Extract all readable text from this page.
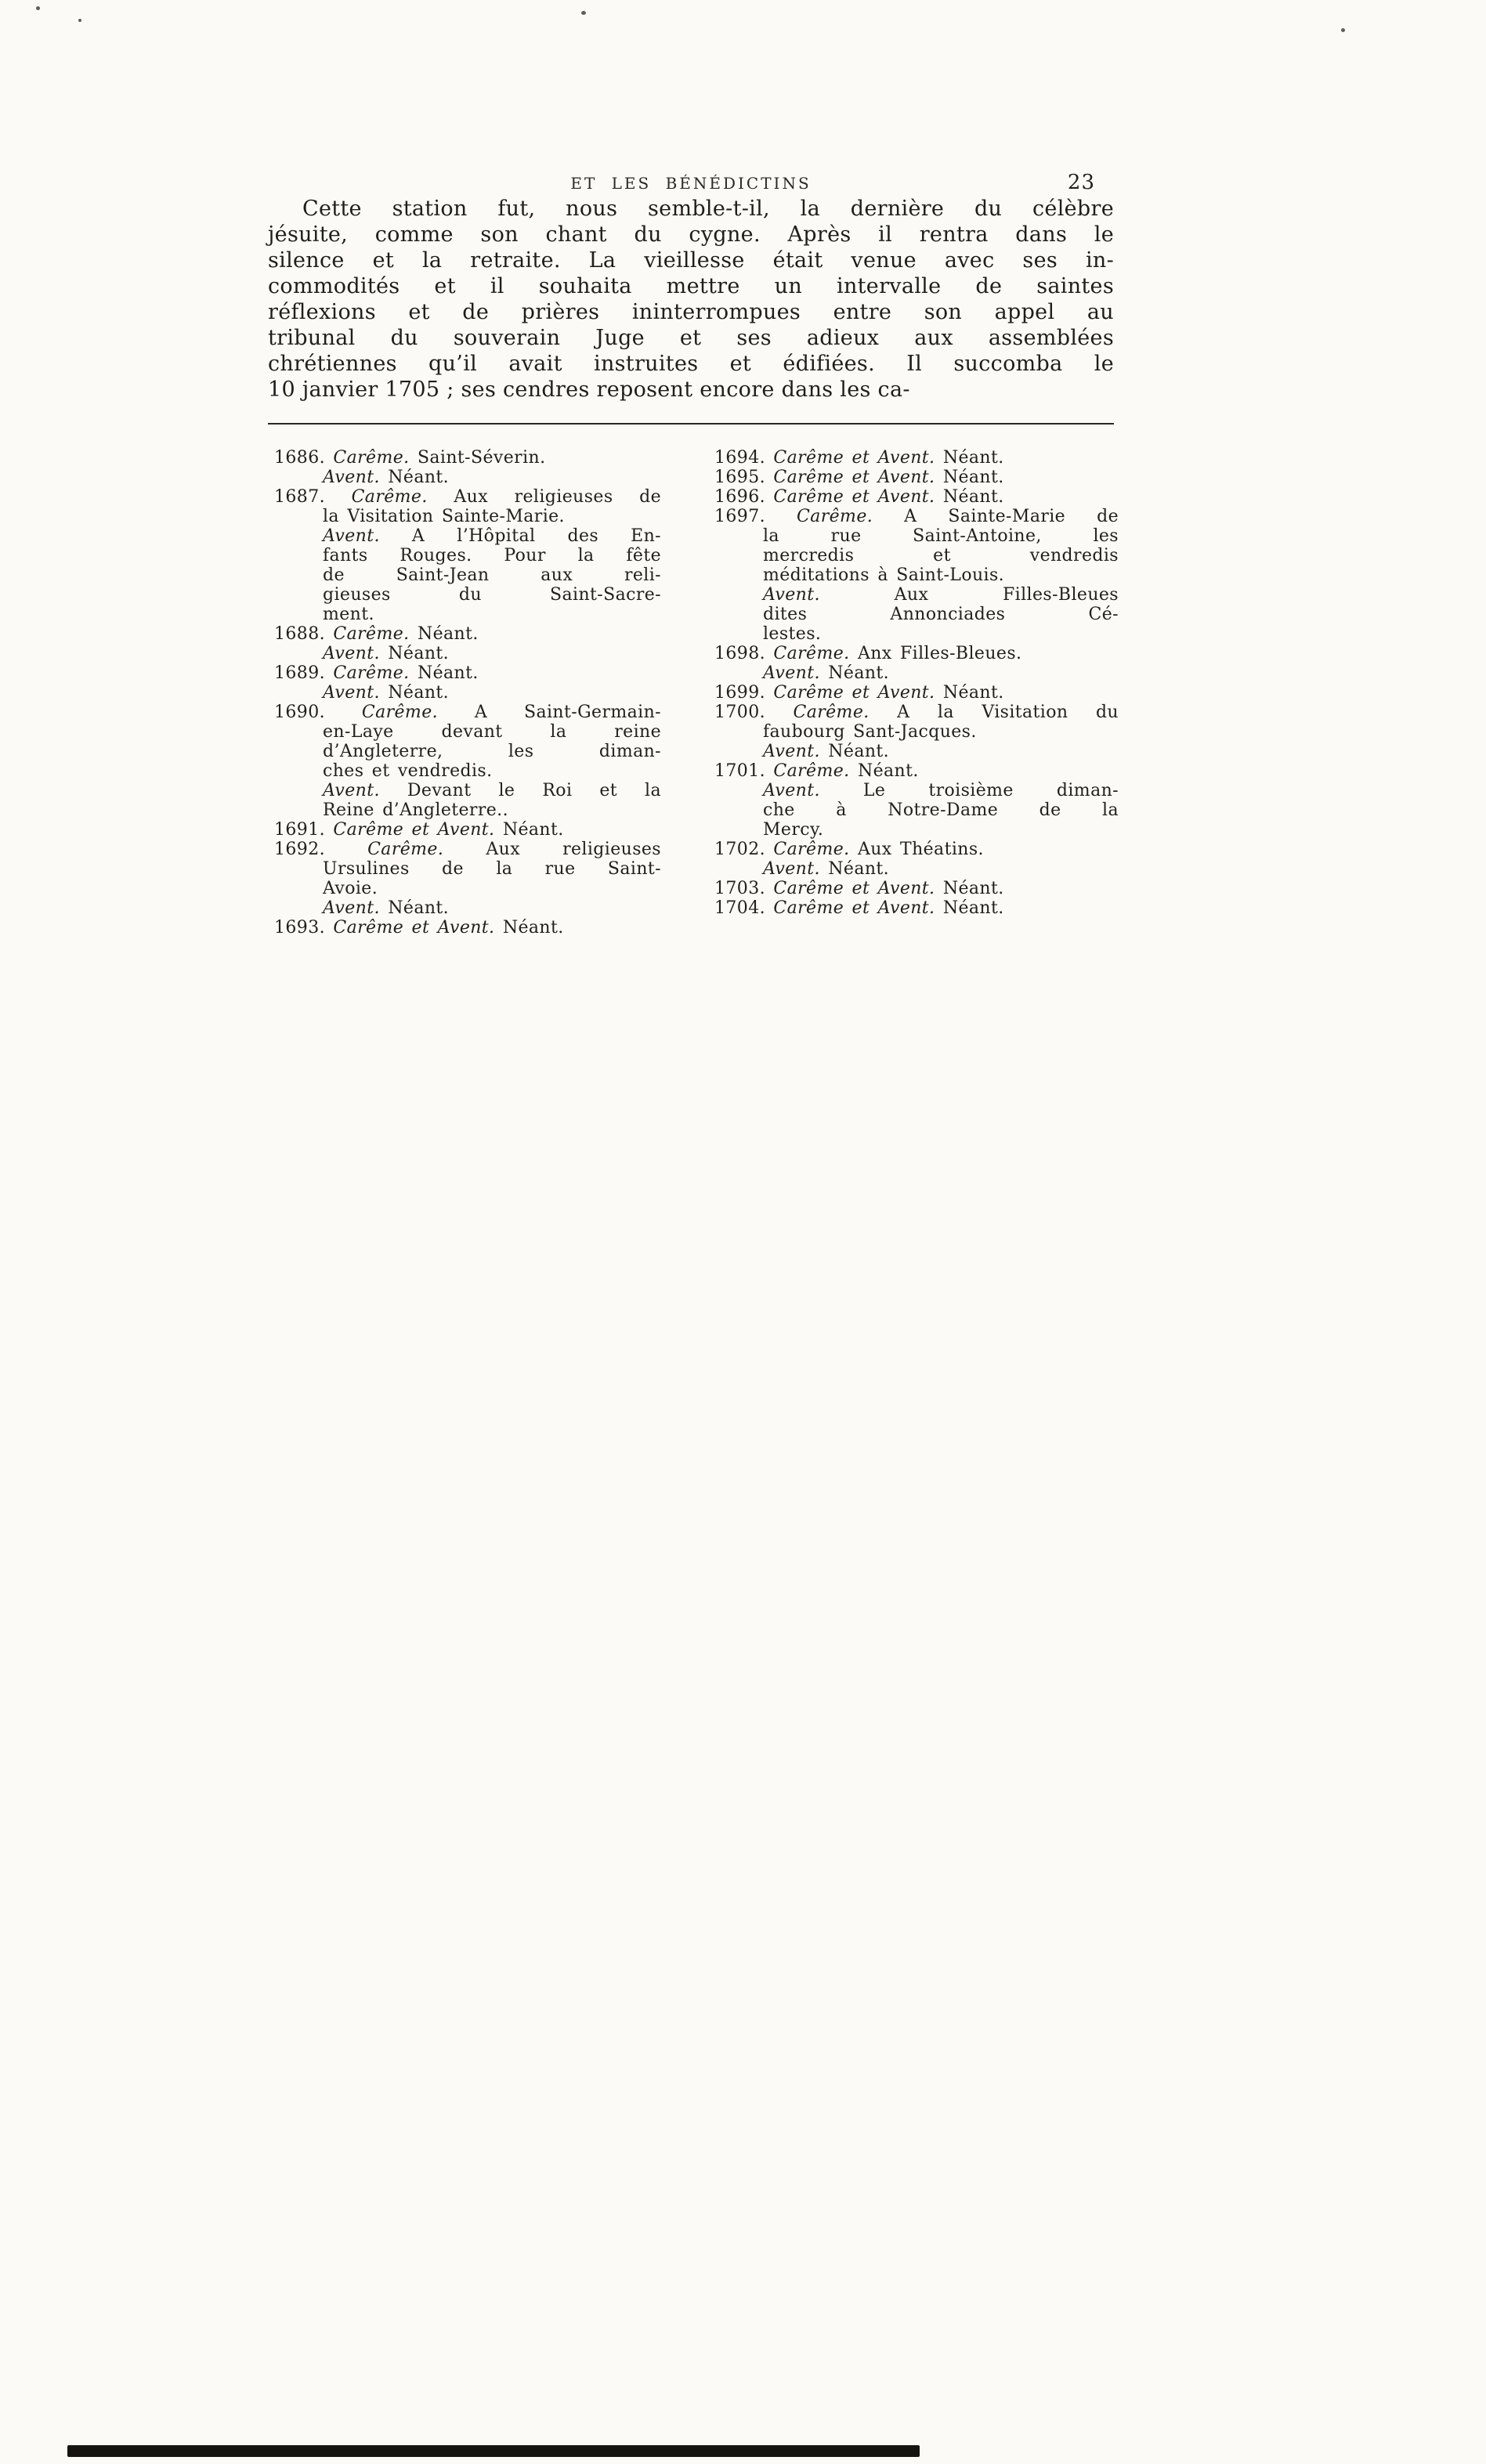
ET LES BÉNÉDICTINS	23
Cette station fut, nous semble-t-il, la dernière du célèbre
jésuite, comme son chant du cygne. Après il rentra dans le
silence et la retraite. La vieillesse était venue avec ses in-
commodités et il souhaita mettre un intervalle de saintes
réflexions et de prières ininterrompues entre son appel au
tribunal du souverain Juge et ses adieux aux assemblées
chrétiennes qu’il avait instruites et édifiées. Il succomba le
10 janvier 1705 ; ses cendres reposent encore dans les ca-
1686. Carême. Saint-Séverin.
Avent. Néant.
1687. Carême. Aux religieuses de
la Visitation Sainte-Marie.
Avent. A l’Hôpital des En-
fants Rouges. Pour la fête
de Saint-Jean aux reli-
gieuses du Saint-Sacre-
ment.
1688. Carême. Néant.
Avent. Néant.
1689. Carême. Néant.
Avent. Néant.
1690. Carême. A Saint-Germain-
en-Laye devant la reine
d’Angleterre, les diman-
ches et vendredis.
Avent. Devant le Roi et la
Reine d’Angleterre..
1691. Carême et Avent. Néant.
1692. Carême. Aux religieuses
Ursulines de la rue Saint-
Avoie.
Avent. Néant.
1693. Carême et Avent. Néant.
1694. Carême et Avent. Néant.
1695. Carême et Avent. Néant.
1696. Carême et Avent. Néant.
1697. Carême. A Sainte-Marie de
la rue Saint-Antoine, les
mercredis et vendredis
méditations à Saint-Louis.
Avent. Aux Filles-Bleues
dites Annonciades Cé-
lestes.
1698. Carême. Anx Filles-Bleues.
Avent. Néant.
1699. Carême et Avent. Néant.
1700. Carême. A la Visitation du
faubourg Sant-Jacques.
Avent. Néant.
1701. Carême. Néant.
Avent. Le troisième diman-
che à Notre-Dame de la
Mercy.
1702. Carême. Aux Théatins.
Avent. Néant.
1703. Carême et Avent. Néant.
1704. Carême et Avent. Néant.
